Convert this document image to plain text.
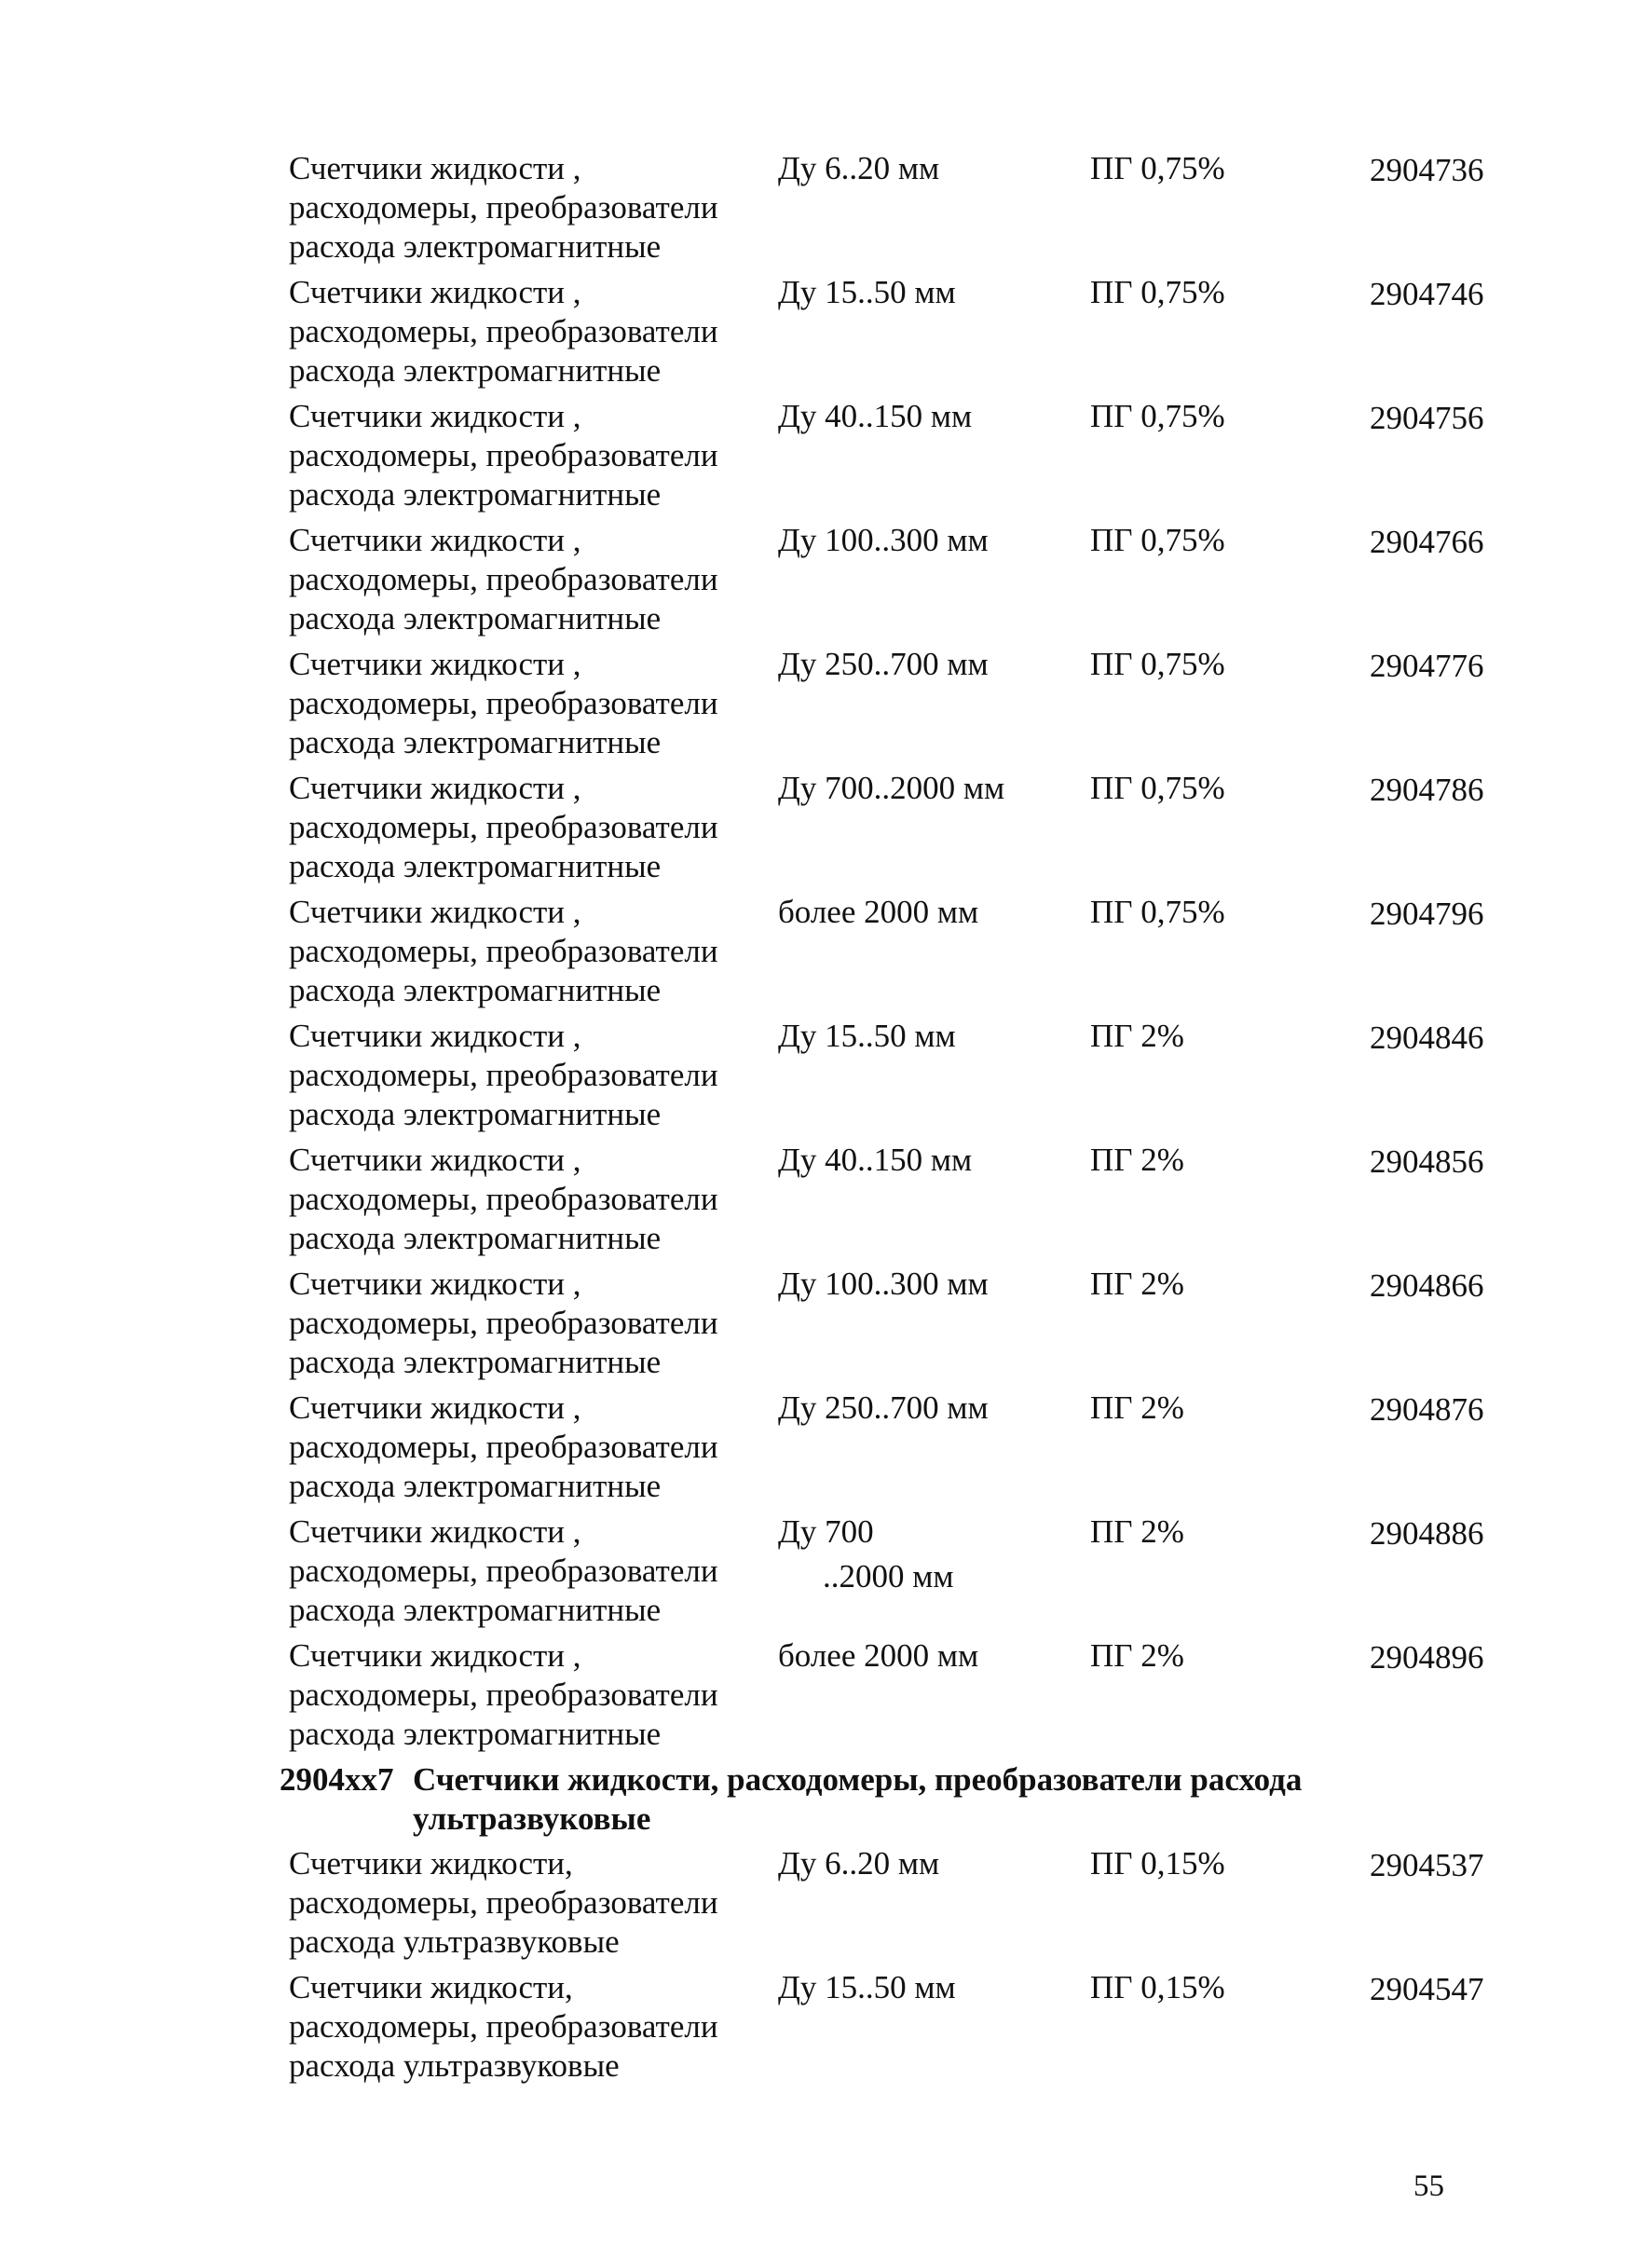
Счетчики жидкости ,
расходомеры, преобразователи
расхода электромагнитные
Ду 6..20 мм	ПГ 0,75%	2904736
Счетчики жидкости ,
расходомеры, преобразователи
расхода электромагнитные
Ду 15..50 мм	ПГ 0,75%	2904746
Счетчики жидкости ,
расходомеры, преобразователи
расхода электромагнитные
Ду 40..150 мм	ПГ 0,75%	2904756
Счетчики жидкости ,
расходомеры, преобразователи
расхода электромагнитные
Ду 100..300 мм	ПГ 0,75%	2904766
Счетчики жидкости ,
расходомеры, преобразователи
расхода электромагнитные
Ду 250..700 мм	ПГ 0,75%	2904776
Счетчики жидкости ,
расходомеры, преобразователи
расхода электромагнитные
Ду 700..2000 мм	ПГ 0,75%	2904786
Счетчики жидкости ,
расходомеры, преобразователи
расхода электромагнитные
более 2000 мм	ПГ 0,75%	2904796
Счетчики жидкости ,
расходомеры, преобразователи
расхода электромагнитные
Ду 15..50 мм	ПГ 2%	2904846
Счетчики жидкости ,
расходомеры, преобразователи
расхода электромагнитные
Ду 40..150 мм	ПГ 2%	2904856
Счетчики жидкости ,
расходомеры, преобразователи
расхода электромагнитные
Ду 100..300 мм	ПГ 2%	2904866
Счетчики жидкости ,
расходомеры, преобразователи
расхода электромагнитные
Ду 250..700 мм	ПГ 2%	2904876
Счетчики жидкости ,
расходомеры, преобразователи
расхода электромагнитные
Ду 700
..2000 мм
ПГ 2%	2904886
Счетчики жидкости ,
расходомеры, преобразователи
расхода электромагнитные
более 2000 мм	ПГ 2%	2904896
2904xx7 Счетчики жидкости, расходомеры, преобразователи расхода
ультразвуковые
Счетчики жидкости,
расходомеры, преобразователи
расхода ультразвуковые
Ду 6..20 мм	ПГ 0,15%	2904537
Счетчики жидкости,
расходомеры, преобразователи
расхода ультразвуковые
Ду 15..50 мм	ПГ 0,15%	2904547
55
